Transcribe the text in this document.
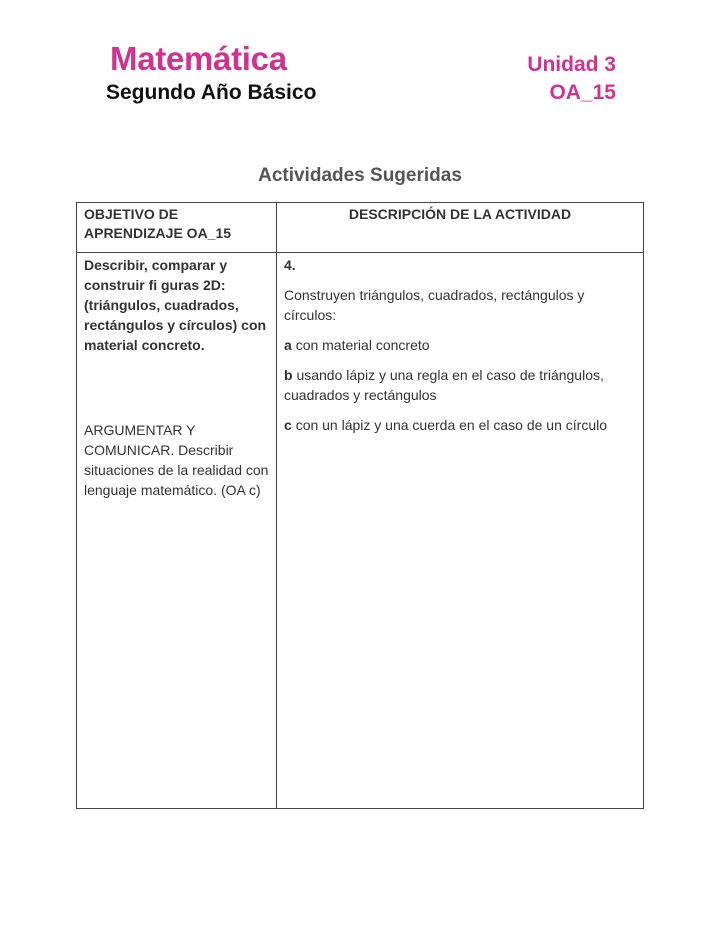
Matemática
Segundo Año Básico
Unidad 3
OA_15
Actividades Sugeridas
OBJETIVO DE APRENDIZAJE OA_15
DESCRIPCIÓN DE LA ACTIVIDAD
Describir, comparar y construir fi guras 2D: (triángulos, cuadrados, rectángulos y círculos) con material concreto.
ARGUMENTAR Y COMUNICAR. Describir situaciones de la realidad con lenguaje matemático. (OA c)

4.

Construyen triángulos, cuadrados, rectángulos y círculos:

a con material concreto

b usando lápiz y una regla en el caso de triángulos, cuadrados y rectángulos

c con un lápiz y una cuerda en el caso de un círculo
